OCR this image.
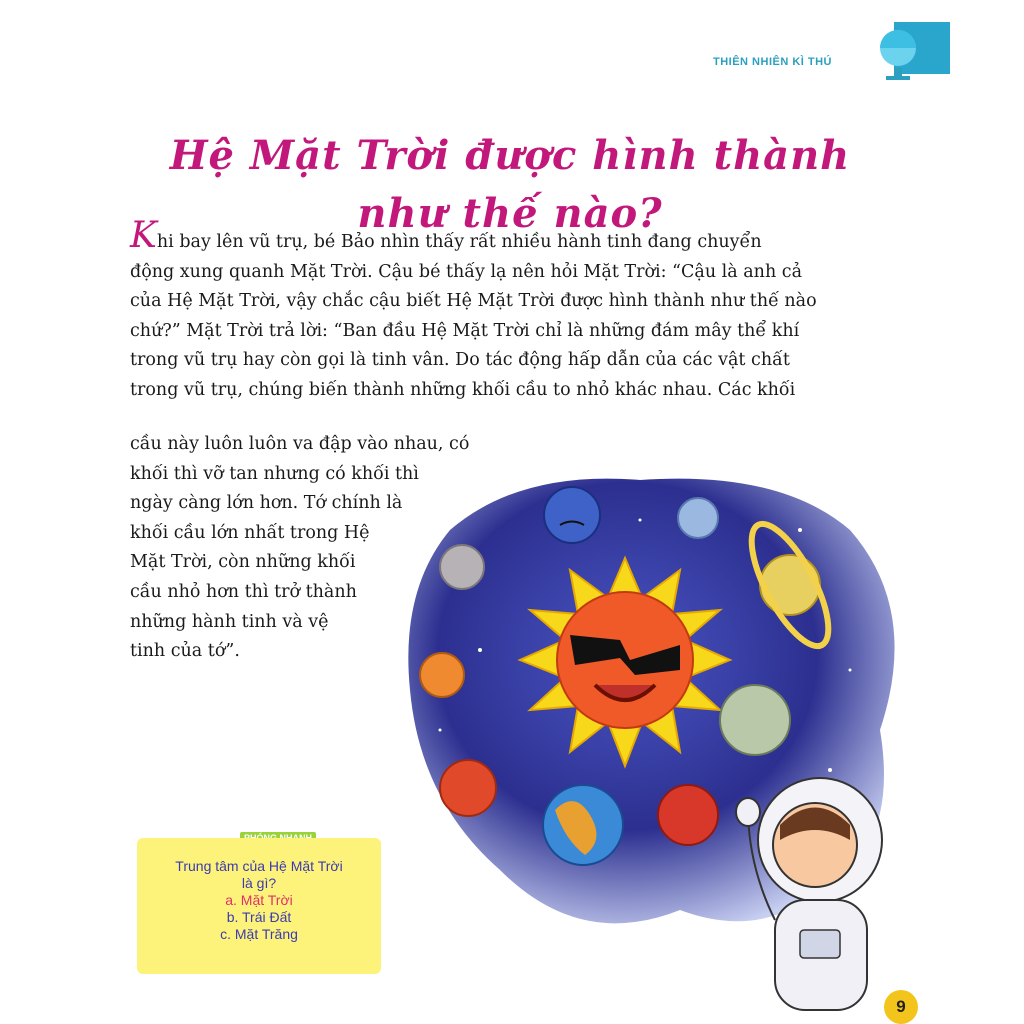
THIÊN NHIÊN KÌ THÚ
Hệ Mặt Trời được hình thành
như thế nào?
Khi bay lên vũ trụ, bé Bảo nhìn thấy rất nhiều hành tinh đang chuyển
động xung quanh Mặt Trời. Cậu bé thấy lạ nên hỏi Mặt Trời: “Cậu là anh cả
của Hệ Mặt Trời, vậy chắc cậu biết Hệ Mặt Trời được hình thành như thế nào
chứ?” Mặt Trời trả lời: “Ban đầu Hệ Mặt Trời chỉ là những đám mây thể khí
trong vũ trụ hay còn gọi là tinh vân. Do tác động hấp dẫn của các vật chất
trong vũ trụ, chúng biến thành những khối cầu to nhỏ khác nhau. Các khối
cầu này luôn luôn va đập vào nhau, có
khối thì vỡ tan nhưng có khối thì
ngày càng lớn hơn. Tớ chính là
khối cầu lớn nhất trong Hệ
Mặt Trời, còn những khối
cầu nhỏ hơn thì trở thành
những hành tinh và vệ
tinh của tớ”.
Trung tâm của Hệ Mặt Trời
là gì?
a. Mặt Trời
b. Trái Đất
c. Mặt Trăng
9
